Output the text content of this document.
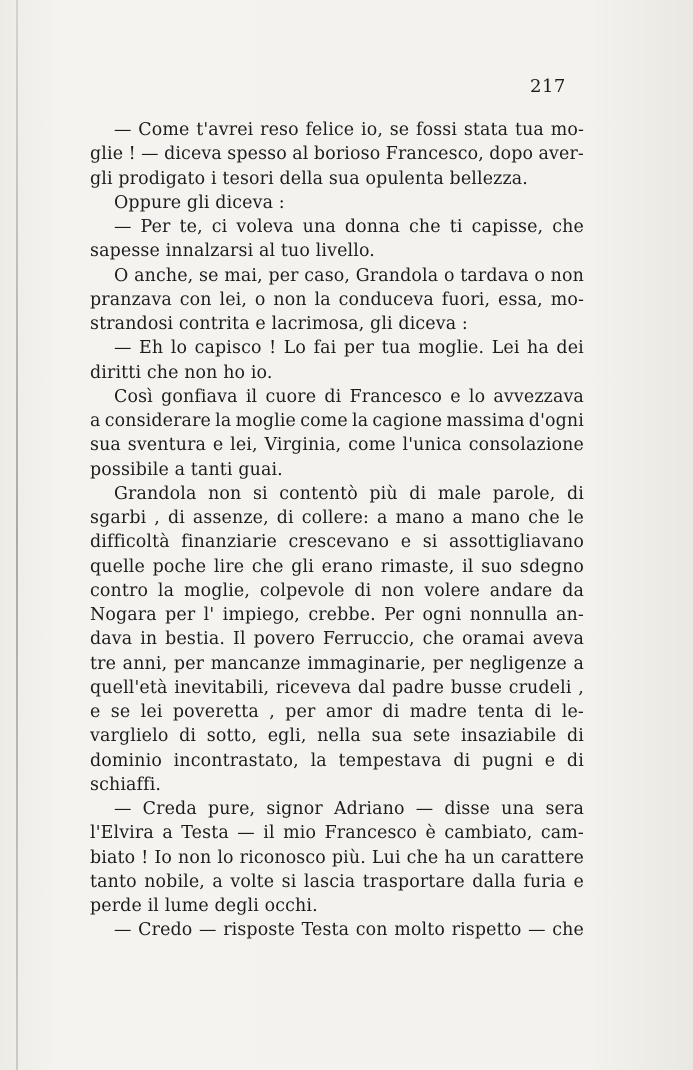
217
— Come t'avrei reso felice io, se fossi stata tua mo-
glie ! — diceva spesso al borioso Francesco, dopo aver-
gli prodigato i tesori della sua opulenta bellezza.
Oppure gli diceva :
— Per te, ci voleva una donna che ti capisse, che
sapesse innalzarsi al tuo livello.
O anche, se mai, per caso, Grandola o tardava o non
pranzava con lei, o non la conduceva fuori, essa, mo-
strandosi contrita e lacrimosa, gli diceva :
— Eh lo capisco ! Lo fai per tua moglie. Lei ha dei
diritti che non ho io.
Così gonfiava il cuore di Francesco e lo avvezzava
a considerare la moglie come la cagione massima d'ogni
sua sventura e lei, Virginia, come l'unica consolazione
possibile a tanti guai.
Grandola non si contentò più di male parole, di
sgarbi , di assenze, di collere: a mano a mano che le
difficoltà finanziarie crescevano e si assottigliavano
quelle poche lire che gli erano rimaste, il suo sdegno
contro la moglie, colpevole di non volere andare da
Nogara per l' impiego, crebbe. Per ogni nonnulla an-
dava in bestia. Il povero Ferruccio, che oramai aveva
tre anni, per mancanze immaginarie, per negligenze a
quell'età inevitabili, riceveva dal padre busse crudeli ,
e se lei poveretta , per amor di madre tenta di le-
varglielo di sotto, egli, nella sua sete insaziabile di
dominio incontrastato, la tempestava di pugni e di
schiaffi.
— Creda pure, signor Adriano — disse una sera
l'Elvira a Testa — il mio Francesco è cambiato, cam-
biato ! Io non lo riconosco più. Lui che ha un carattere
tanto nobile, a volte si lascia trasportare dalla furia e
perde il lume degli occhi.
— Credo — risposte Testa con molto rispetto — che
